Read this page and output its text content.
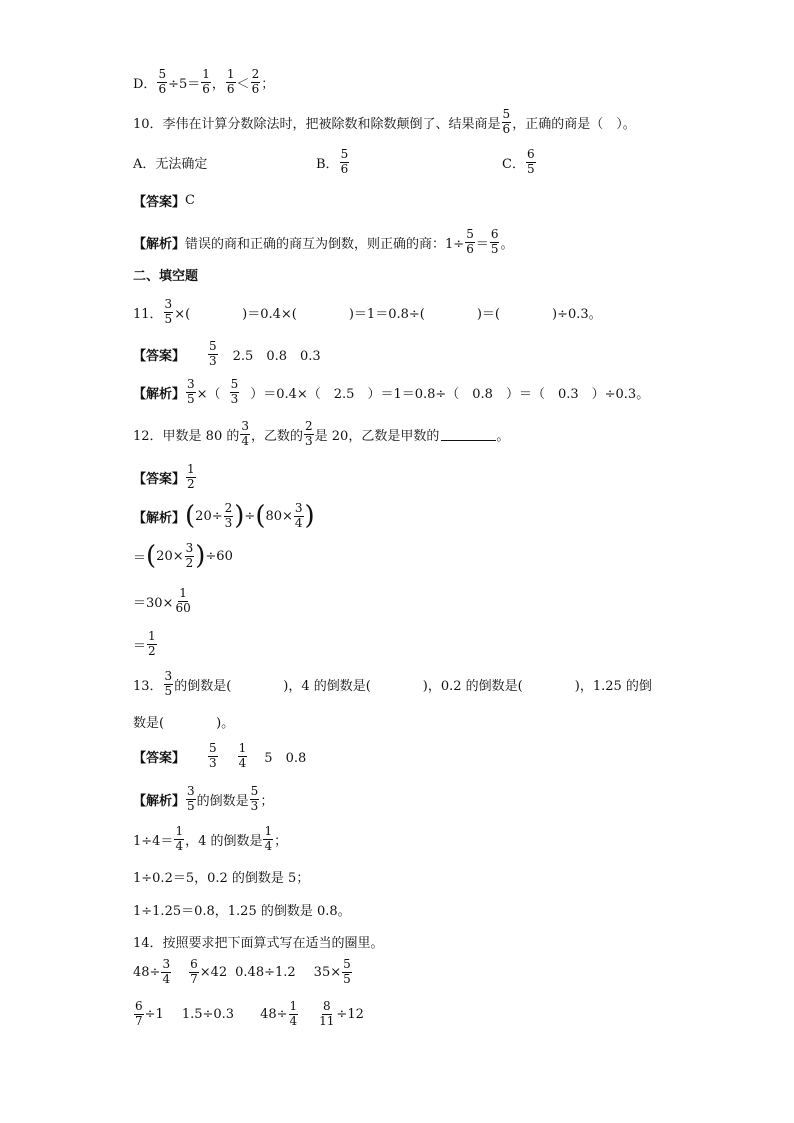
D． $\frac{5}{6} \div 5= \frac{1}{6}$ ， $\frac{1}{6} < \frac{2}{6}$ ；
10．李伟在计算分数除法时，把被除数和除数颠倒了、结果商是 $\frac{5}{6}$ ，正确的商是（　）。
A．无法确定	B． $\frac{5}{6}$	C． $\frac{6}{5}$
【答案】 C
【解析】 错误的商和正确的商互为倒数，则正确的商：$1\div \frac{5}{6} = \frac{6}{5}$ 。
二、填空题
11． $\frac{3}{5}$ ×(　　　　)＝0.4×(　　　　)＝1＝0.8÷(　　　　)＝(　　　　)÷0.3。
【答案】 $\frac{5}{3} 2.5$　0.8　0.3
【解析】 $\frac{3}{5}$ ×（ $\frac{5}{3} )=0.4\times$（　2.5　）＝1＝0.8÷（　0.8　）＝（　0.3　）÷0.3。
12．甲数是 80 的 $\frac{3}{4}$ ，乙数的 $\frac{2}{3}$ 是 20，乙数是甲数的	。
【答案】 $\frac{1}{2}$
【解析】 ( $20\div \frac{2}{3}$ ) ÷ ( $80\times \frac{3}{4}$ )
＝ ( $20\times \frac{3}{2}$ ) ÷60
$=30\times \frac{1}{60}$
＝ $\frac{1}{2}$
13． $\frac{3}{5}$ 的倒数是(　　　　)，4 的倒数是(　　　　)，0.2 的倒数是(　　　　)，1.25 的倒
数是(　　　　)。
【答案】 $\frac{5}{3} \frac{1}{4} 5$　0.8
【解析】 $\frac{3}{5}$ 的倒数是 $\frac{5}{3}$ ；
$1\div 4= \frac{1}{4}$ ，4 的倒数是 $\frac{1}{4}$ ；
1÷0.2＝5，0.2 的倒数是 5；
1÷1.25＝0.8，1.25 的倒数是 0.8。
14．按照要求把下面算式写在适当的圈里。
$48\div \frac{3}{4} \frac{6}{7} \times 42$ 0.48÷1.2 $35\times \frac{5}{5}$
$\frac{6}{7} \div 1$ 1.5÷0.3 $48\div \frac{1}{4} \frac{8}{11} \div 12$
